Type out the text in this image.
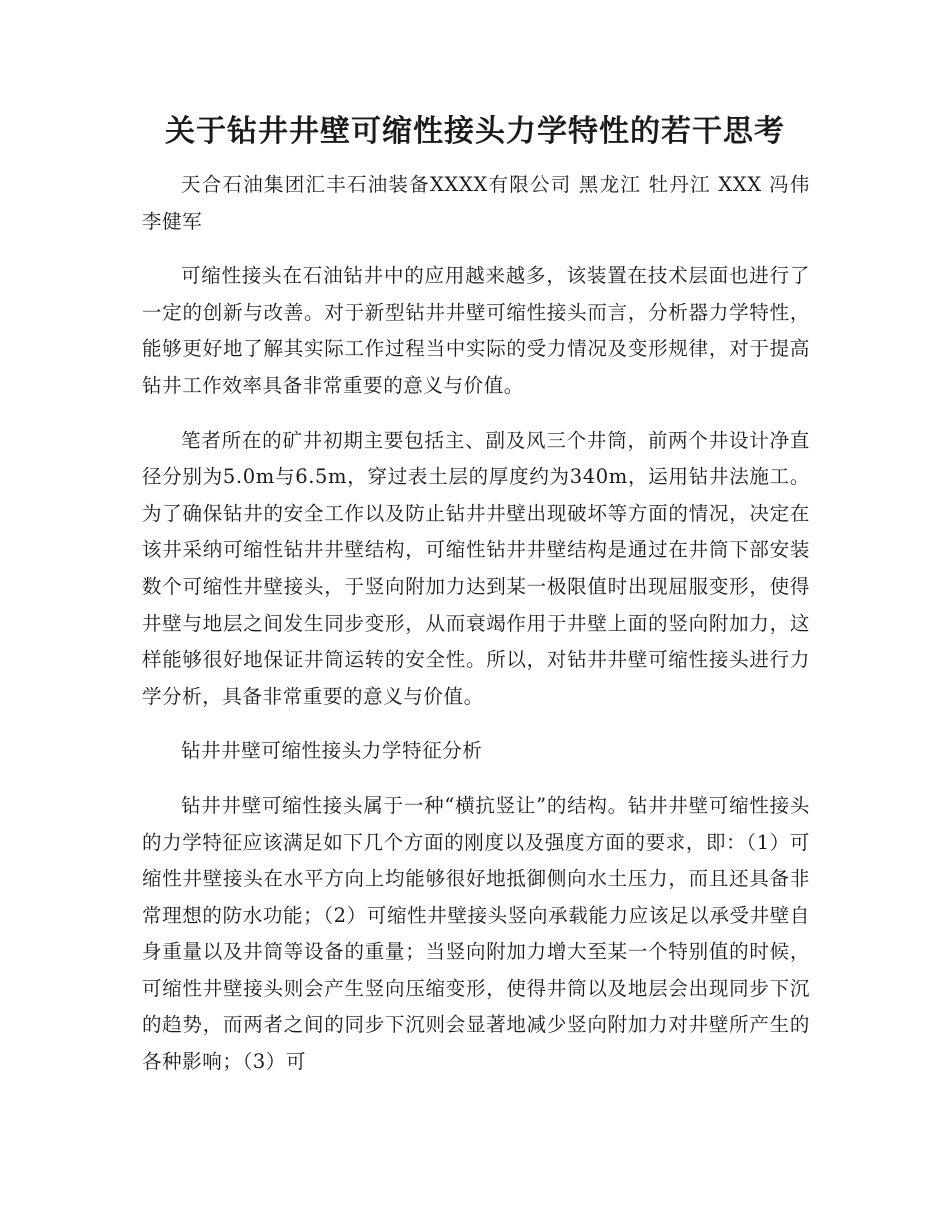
关于钻井井壁可缩性接头力学特性的若干思考

天合石油集团汇丰石油装备XXXX有限公司 黑龙江 牡丹江 XXX 冯伟 李健军

可缩性接头在石油钻井中的应用越来越多，该装置在技术层面也进行了一定的创新与改善。对于新型钻井井壁可缩性接头而言，分析器力学特性，能够更好地了解其实际工作过程当中实际的受力情况及变形规律，对于提高钻井工作效率具备非常重要的意义与价值。

笔者所在的矿井初期主要包括主、副及风三个井筒，前两个井设计净直径分别为5.0m与6.5m，穿过表土层的厚度约为340m，运用钻井法施工。为了确保钻井的安全工作以及防止钻井井壁出现破坏等方面的情况，决定在该井采纳可缩性钻井井壁结构，可缩性钻井井壁结构是通过在井筒下部安装数个可缩性井壁接头，于竖向附加力达到某一极限值时出现屈服变形，使得井壁与地层之间发生同步变形，从而衰竭作用于井壁上面的竖向附加力，这样能够很好地保证井筒运转的安全性。所以，对钻井井壁可缩性接头进行力学分析，具备非常重要的意义与价值。

钻井井壁可缩性接头力学特征分析

钻井井壁可缩性接头属于一种“横抗竖让”的结构。钻井井壁可缩性接头的力学特征应该满足如下几个方面的刚度以及强度方面的要求，即：（1）可缩性井壁接头在水平方向上均能够很好地抵御侧向水土压力，而且还具备非常理想的防水功能；（2）可缩性井壁接头竖向承载能力应该足以承受井壁自身重量以及井筒等设备的重量；当竖向附加力增大至某一个特别值的时候，可缩性井壁接头则会产生竖向压缩变形，使得井筒以及地层会出现同步下沉的趋势，而两者之间的同步下沉则会显著地减少竖向附加力对井壁所产生的各种影响；（3）可
